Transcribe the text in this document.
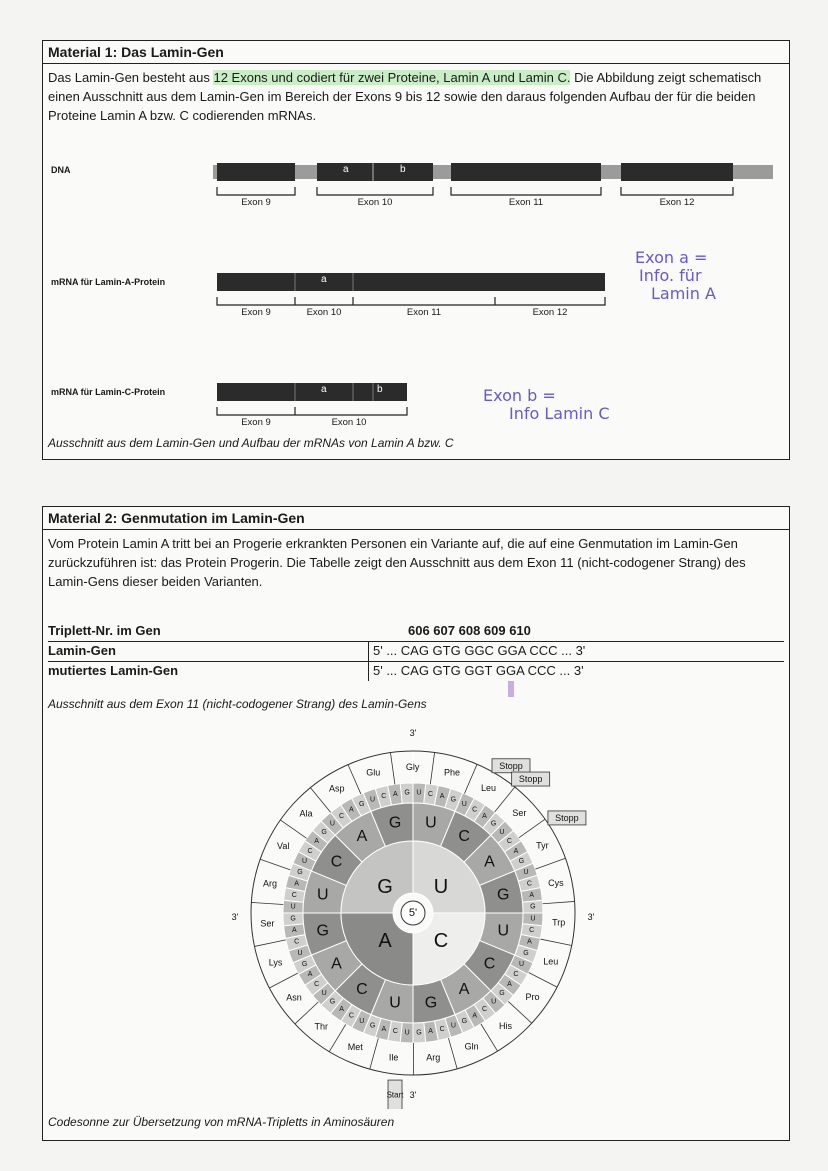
Material 1: Das Lamin-Gen
Das Lamin-Gen besteht aus 12 Exons und codiert für zwei Proteine, Lamin A und Lamin C. Die Abbildung zeigt schematisch einen Ausschnitt aus dem Lamin-Gen im Bereich der Exons 9 bis 12 sowie den daraus folgenden Aufbau der für die beiden Proteine Lamin A bzw. C codierenden mRNAs.
DNA	a	b
Exon 9	Exon 10	Exon 11	Exon 12
mRNA für Lamin-A-Protein	a
Exon 9	Exon 10	Exon 11	Exon 12
mRNA für Lamin-C-Protein	a	b
Exon 9	Exon 10
Ausschnitt aus dem Lamin-Gen und Aufbau der mRNAs von Lamin A bzw. C
Exon a =
Info. für
Lamin A
Exon b =
Info Lamin C
Material 2: Genmutation im Lamin-Gen
Vom Protein Lamin A tritt bei an Progerie erkrankten Personen ein Variante auf, die auf eine Genmutation im Lamin-Gen zurückzuführen ist: das Protein Progerin. Die Tabelle zeigt den Ausschnitt aus dem Exon 11 (nicht-codogener Strang) des Lamin-Gens dieser beiden Varianten.
Triplett-Nr. im Gen	606 607 608 609 610
Lamin-Gen	5' ... CAG GTG GGC GGA CCC ... 3'
mutiertes Lamin-Gen	5' ... CAG GTG GGT GGA CCC ... 3'
Ausschnitt aus dem Exon 11 (nicht-codogener Strang) des Lamin-Gens
5'
G U
A C
U
C
A
G
U
C
A
G
U
C
A
G
U
C
A
G
U C A G
U
C
A
G
U
C
A
G
U
C
A
G
U
C
A
G
U
C
A
G
U
C
A
G
U
C
A
G
U
C
A
G
U
C
A
G
U
C
A
G
U
C
A
G
U
C
A
G
U
C
A
G
U
C
A
G
U C A G
Gly
Phe
Leu
Ser
Tyr
Cys
Trp
Leu
Pro
His
Gln
Arg
Ile
Met
Thr
Asn
Lys
Ser
Arg
Val
Ala
Asp
Glu
Stopp
Stopp
Stopp
Start
3'
3'
3'	3'
Codesonne zur Übersetzung von mRNA-Tripletts in Aminosäuren
